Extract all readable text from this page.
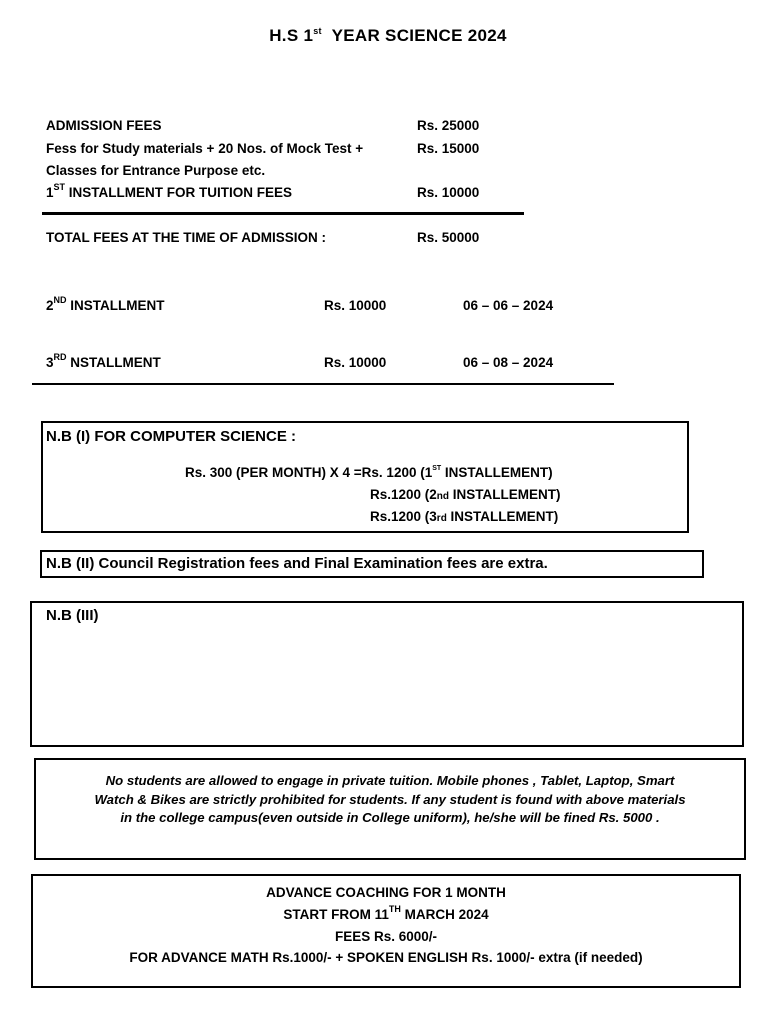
H.S 1st  YEAR SCIENCE 2024
ADMISSION FEES	Rs. 25000
Fess for Study materials + 20 Nos. of Mock Test +	Rs. 15000
Classes for Entrance Purpose etc.
1ST INSTALLMENT FOR TUITION FEES	Rs. 10000
TOTAL FEES AT THE TIME OF ADMISSION :	Rs. 50000
2ND INSTALLMENT	Rs. 10000	06 – 06 – 2024
3RD NSTALLMENT	Rs. 10000	06 – 08 – 2024
N.B (I) FOR COMPUTER SCIENCE :
Rs. 300 (PER MONTH) X 4 =Rs. 1200 (1ST INSTALLEMENT)
Rs.1200 (2nd INSTALLEMENT)
Rs.1200 (3rd INSTALLEMENT)
N.B (II) Council Registration fees and Final Examination fees are extra.
N.B (III)
No students are allowed to engage in private tuition. Mobile phones , Tablet, Laptop, Smart
Watch & Bikes are strictly prohibited for students. If any student is found with above materials
in the college campus(even outside in College uniform), he/she will be fined Rs. 5000 .
ADVANCE COACHING FOR 1 MONTH
START FROM 11TH MARCH 2024
FEES Rs. 6000/-
FOR ADVANCE MATH Rs.1000/- + SPOKEN ENGLISH Rs. 1000/- extra (if needed)
